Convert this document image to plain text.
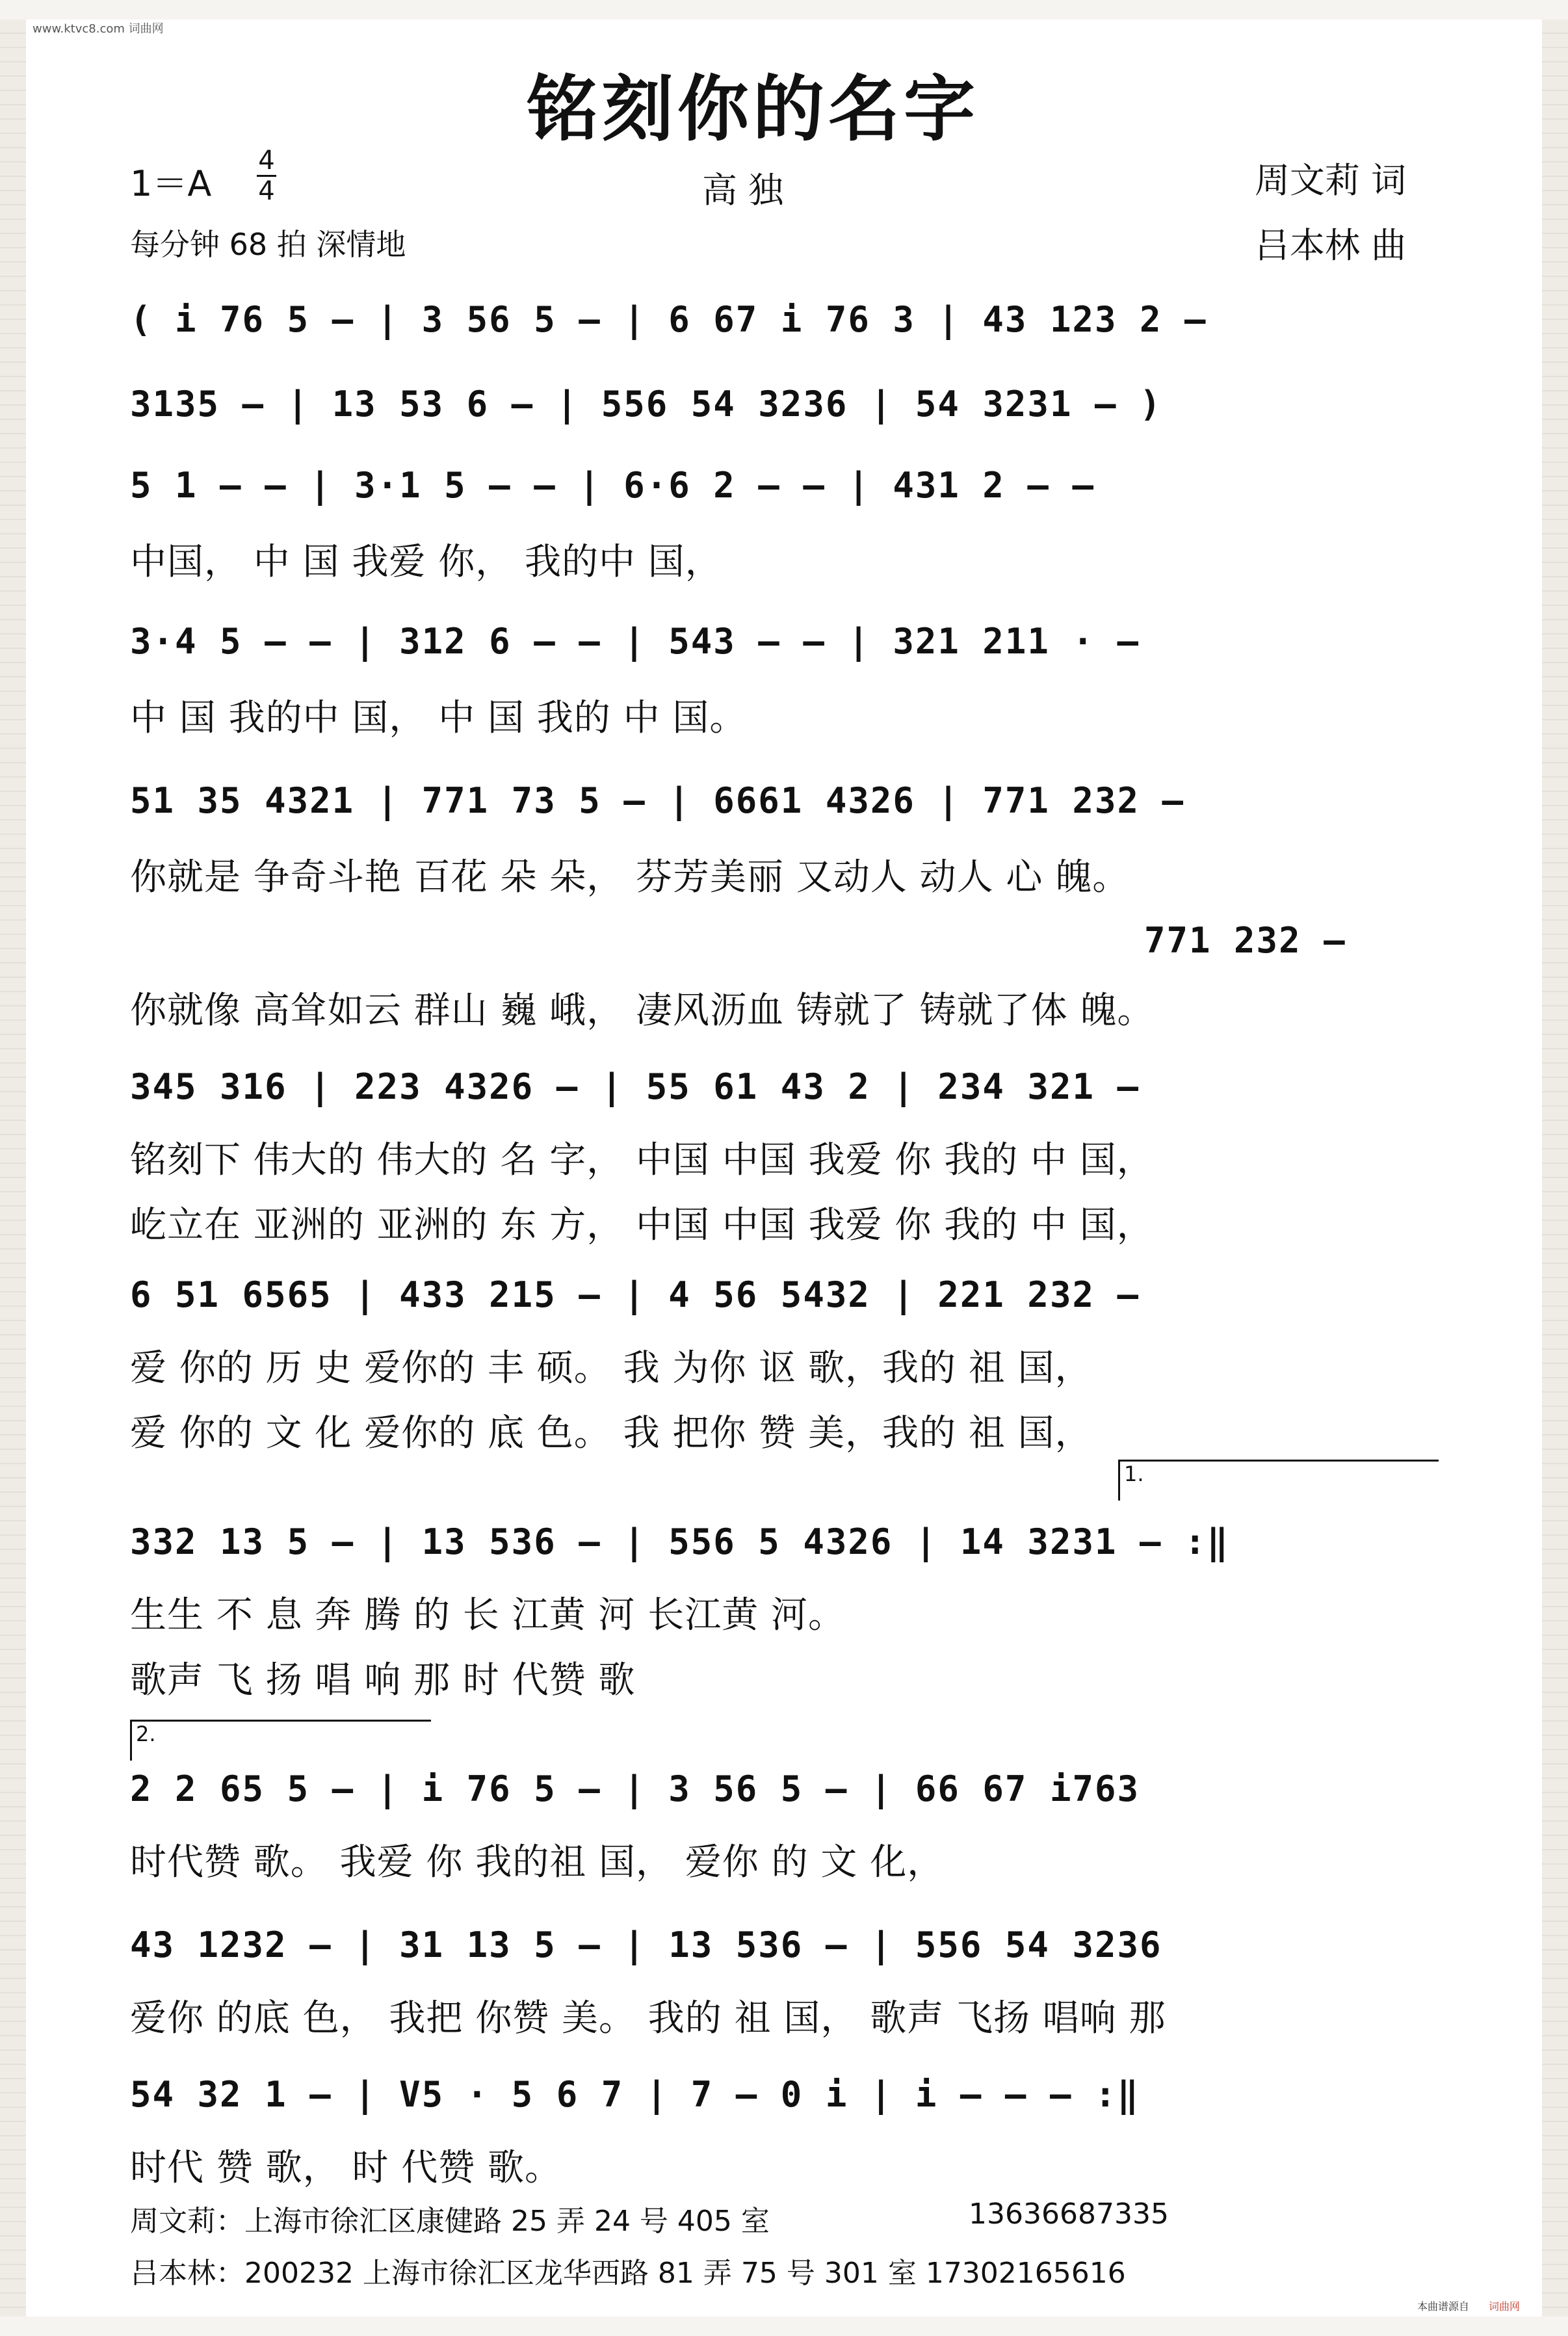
www.ktvc8.com 词曲网
铭刻你的名字
$1=A \frac{4}{4}$	高 独	周文莉 词
每分钟 68 拍 深情地	吕本林 曲
( i 76 5 – | 3 56 5 – | 6 67 i 76 3 | 43 123 2 –
3135 – | 13 53 6 – | 556 54 3236 | 54 3231 – )
5 1 – – | 3·1 5 – – | 6·6 2 – – | 431 2 – –
中国， 中 国 我爱 你， 我的中 国，
3·4 5 – – | 312 6 – – | 543 – – | 321 211 · –
中 国 我的中 国， 中 国 我的 中 国。
51 35 4321 | 771 73 5 – | 6661 4326 | 771 232 –
你就是 争奇斗艳 百花 朵 朵， 芬芳美丽 又动人 动人 心 魄。
771 232 –
你就像 高耸如云 群山 巍 峨， 凄风沥血 铸就了 铸就了体 魄。
345 316 | 223 4326 – | 55 61 43 2 | 234 321 –
铭刻下 伟大的 伟大的 名 字， 中国 中国 我爱 你 我的 中 国，
屹立在 亚洲的 亚洲的 东 方， 中国 中国 我爱 你 我的 中 国，
6 51 6565 | 433 215 – | 4 56 5432 | 221 232 –
爱 你的 历 史 爱你的 丰 硕。 我 为你 讴 歌，我的 祖 国，
爱 你的 文 化 爱你的 底 色。 我 把你 赞 美，我的 祖 国，
1.
332 13 5 – | 13 536 – | 556 5 4326 | 14 3231 – :‖
生生 不 息 奔 腾 的 长 江黄 河 长江黄 河。
歌声 飞 扬 唱 响 那 时 代赞 歌
2.
2 2 65 5 – | i 76 5 – | 3 56 5 – | 66 67 i763
时代赞 歌。 我爱 你 我的祖 国， 爱你 的 文 化，
43 1232 – | 31 13 5 – | 13 536 – | 556 54 3236
爱你 的底 色， 我把 你赞 美。 我的 祖 国， 歌声 飞扬 唱响 那
54 32 1 – | V5 · 5 6 7 | 7 – 0 i | i – – – :‖
时代 赞 歌， 时 代赞 歌。
周文莉：上海市徐汇区康健路 25 弄 24 号 405 室	13636687335
吕本林：200232 上海市徐汇区龙华西路 81 弄 75 号 301 室 17302165616
本曲谱源自 词曲网
